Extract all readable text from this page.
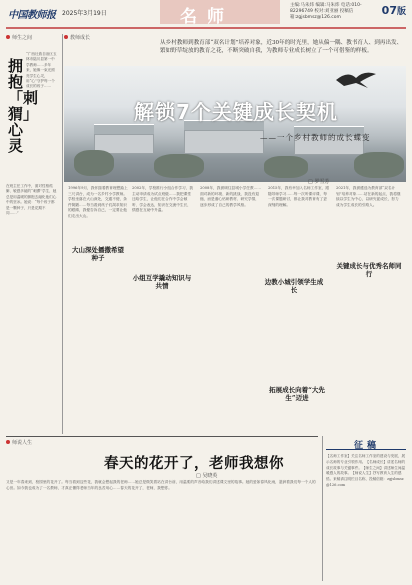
中国教师报 2025年3月19日	名师
主编:马朱炜 编辑:马朱炜 电话:010-82296749 校对:刘亚丽 投稿信箱:zgjsbmsz@126.com
07版
师生之间
拥抱「刺猬」心灵
“广西壮族自治区玉林市陆川县第一中学教师……多年来，她像一束光照亮学生心灵，用“心”守护每一个成长的孩子……
在班主任工作中，面对性格孤僻、敏感多疑的“刺猬”学生，她总是用温暖的拥抱去融化他们心中的坚冰。她说：“每个孩子都是一颗种子，只是花期不同……”
教师成长
从乡村教师到教育部“双名计划”培养对象，近30年的时光里，她从偏一隅、教书育人、到再出发、繁如野草绽放的教育之花，不断突破自我，为教师专业成长树立了一个可借鉴的样板。
解锁7个关键成长契机
——一个乡村教师的成长蝶变
□ 罗雪芳
1996年9月，我怀揣着教育理想踏上三尺讲台，成为一名乡村小学教师。学校坐落在大山深处，交通不便，条件简陋……每当看到孩子们渴求知识的眼睛，我便告诉自己，一定要让他们走出大山。
大山深处播撒希望种子
2002年，学校推行小组合作学习，我主动申请成为试点班级……我把课堂还给学生，让他们在合作中学会倾听、学会表达，知识在交流中生长，情感在互助中升温。
小组互学撬动知识与共情
2008年，我被调往县城小学任教……面对新的环境、新的挑战，我没有退缩，而是潜心钻研教材、研究学情，逐步形成了自己的教学风格。
边教小城引领学生成长
2015年，我有幸加入名师工作室，跟随导师学习……每一次听课评课、每一次课题研讨，都让我对教育有了更深刻的理解。
关键成长与优秀名师同行
2021年，我被遴选为教育部“双名计划”培养对象……站在新的起点，我将继续以学生为中心，以研究促成长，努力成为学生成长的引路人。
拓展成长向着“大先生”迈进
师说人生
春天的花开了，老师我想你
□ 吴晓英
又是一年春来到，校园里的花开了。每当看到这些花，我就会想起我的老师……她总是微笑着站在讲台前，用温柔的声音给我们讲述课文里的故事。她的爱如春风化雨，滋润着我们每一个人的心田。如今我也成为了一名教师，才真正懂得老师当年的良苦用心……春天的花开了，老师，我想你。
征稿
【名师工作室】关注名师工作室的建设与发展，展示名师的专业引领作用。【名师成长】讲述名师的成长故事与关键事件。【师生之间】讲述师生间温暖感人的故事。【师说人生】抒写教育人生的感悟。来稿请注明栏目名称，投稿信箱：zgjsbmsz@126.com
